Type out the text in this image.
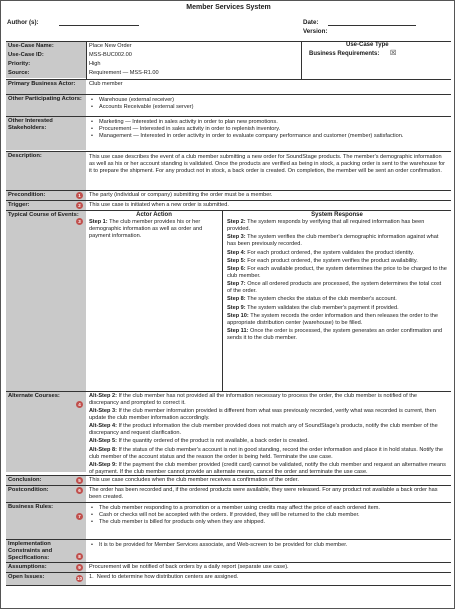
Member Services System
Author (s):	Date:
Version:
Use-Case Name:	Place New Order
Use-Case ID:	MSS-BUC002.00
Priority:	High
Source:	Requirement — MSS-R1.00
Use-Case Type
Business Requirements: ☒
Primary Business Actor:	Club member
Other Participating Actors:
•	Warehouse (external receiver)
• Accounts Receivable (external server)
Other Interested Stakeholders:
• Marketing — Interested in sales activity in order to plan new promotions.
• Procurement — Interested in sales activity in order to replenish inventory.
• Management — Interested in order activity in order to evaluate company performance and customer (member) satisfaction.
Description:	This use case describes the event of a club member submitting a new order for SoundStage products. The member's demographic information as well as his or her account standing is validated. Once the products are verified as being in stock, a packing order is sent to the warehouse for it to prepare the shipment. For any product not in stock, a back order is created. On completion, the member will be sent an order confirmation.
Precondition:	1	The party (individual or company) submitting the order must be a member.
Trigger:	2	This use case is initiated when a new order is submitted.
Typical Course of Events:
3
Actor Action
Step 1: The club member provides his or her demographic information as well as order and payment information.
System Response
Step 2: The system responds by verifying that all required information has been provided.
Step 3: The system verifies the club member's demographic information against what has been previously recorded.
Step 4: For each product ordered, the system validates the product identity.
Step 5: For each product ordered, the system verifies the product availability.
Step 6: For each available product, the system determines the price to be charged to the club member.
Step 7: Once all ordered products are processed, the system determines the total cost of the order.
Step 8: The system checks the status of the club member's account.
Step 9: The system validates the club member's payment if provided.
Step 10: The system records the order information and then releases the order to the appropriate distribution center (warehouse) to be filled.
Step 11: Once the order is processed, the system generates an order confirmation and sends it to the club member.
Alternate Courses:
4
Alt-Step 2: If the club member has not provided all the information necessary to process the order, the club member is notified of the discrepancy and prompted to correct it.
Alt-Step 3: If the club member information provided is different from what was previously recorded, verify what was recorded is current, then update the club member information accordingly.
Alt-Step 4: If the product information the club member provided does not match any of SoundStage's products, notify the club member of the discrepancy and request clarification.
Alt-Step 5: If the quantity ordered of the product is not available, a back order is created.
Alt-Step 8: If the status of the club member's account is not in good standing, record the order information and place it in hold status. Notify the club member of the account status and the reason the order is being held. Terminate the use case.
Alt-Step 9: If the payment the club member provided (credit card) cannot be validated, notify the club member and request an alternative means of payment. If the club member cannot provide an alternate means, cancel the order and terminate the use case.
Conclusion:	5	This use case concludes when the club member receives a confirmation of the order.
Postcondition:	6	The order has been recorded and, if the ordered products were available, they were released. For any product not available a back order has been created.
Business Rules:
7
• The club member responding to a promotion or a member using credits may affect the price of each ordered item.
• Cash or checks will not be accepted with the orders. If provided, they will be returned to the club member.
• The club member is billed for products only when they are shipped.
Implementation Constraints and Specifications:	8
• It is to be provided for Member Services associate, and Web-screen to be provided for club member.
Assumptions:	9	Procurement will be notified of back orders by a daily report (separate use case).
Open Issues:	10	1.  Need to determine how distribution centers are assigned.
